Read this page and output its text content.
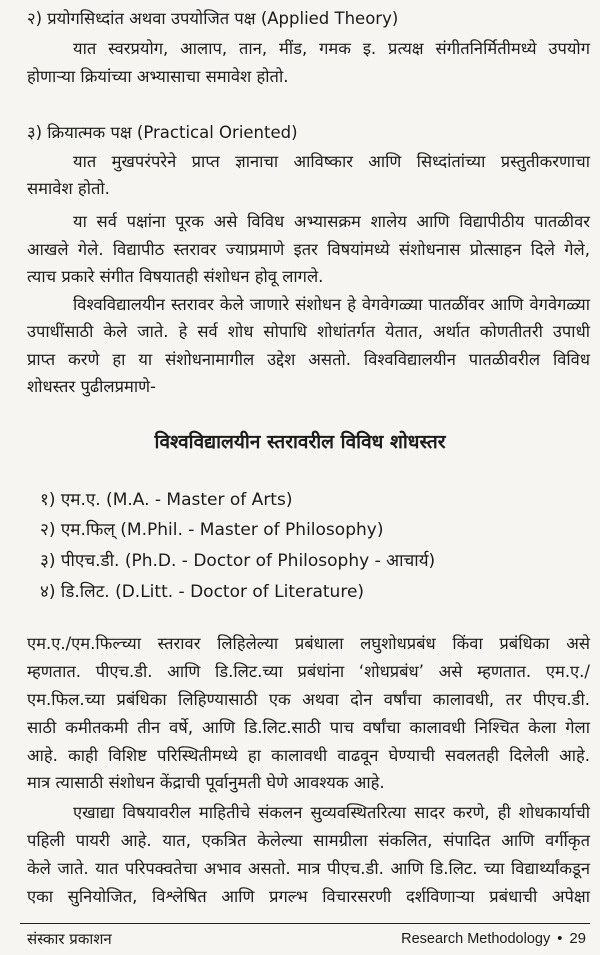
२) प्रयोगसिध्दांत अथवा उपयोजित पक्ष (Applied Theory)
यात स्वरप्रयोग, आलाप, तान, मींड, गमक इ. प्रत्यक्ष संगीतनिर्मितीमध्ये उपयोग
होणाऱ्या क्रियांच्या अभ्यासाचा समावेश होतो.
३) क्रियात्मक पक्ष (Practical Oriented)
यात मुखपरंपरेने प्राप्त ज्ञानाचा आविष्कार आणि सिध्दांतांच्या प्रस्तुतीकरणाचा
समावेश होतो.
या सर्व पक्षांना पूरक असे विविध अभ्यासक्रम शालेय आणि विद्यापीठीय पातळीवर
आखले गेले. विद्यापीठ स्तरावर ज्याप्रमाणे इतर विषयांमध्ये संशोधनास प्रोत्साहन दिले गेले,
त्याच प्रकारे संगीत विषयातही संशोधन होवू लागले.
विश्वविद्यालयीन स्तरावर केले जाणारे संशोधन हे वेगवेगळ्या पातळींवर आणि वेगवेगळ्या
उपाधींसाठी केले जाते. हे सर्व शोध सोपाधि शोधांतर्गत येतात, अर्थात कोणतीतरी उपाधी
प्राप्त करणे हा या संशोधनामागील उद्देश असतो. विश्वविद्यालयीन पातळीवरील विविध
शोधस्तर पुढीलप्रमाणे-
विश्वविद्यालयीन स्तरावरील विविध शोधस्तर
१) एम.ए. (M.A. - Master of Arts)
२) एम.फिल् (M.Phil. - Master of Philosophy)
३) पीएच.डी. (Ph.D. - Doctor of Philosophy - आचार्य)
४) डि.लिट. (D.Litt. - Doctor of Literature)
एम.ए./एम.फिल्च्या स्तरावर लिहिलेल्या प्रबंधाला लघुशोधप्रबंध किंवा प्रबंधिका असे
म्हणतात. पीएच.डी. आणि डि.लिट.च्या प्रबंधांना ‘शोधप्रबंध’ असे म्हणतात. एम.ए./
एम.फिल.च्या प्रबंधिका लिहिण्यासाठी एक अथवा दोन वर्षांचा कालावधी, तर पीएच.डी.
साठी कमीतकमी तीन वर्षे, आणि डि.लिट.साठी पाच वर्षांचा कालावधी निश्चित केला गेला
आहे. काही विशिष्ट परिस्थितीमध्ये हा कालावधी वाढवून घेण्याची सवलतही दिलेली आहे.
मात्र त्यासाठी संशोधन केंद्राची पूर्वानुमती घेणे आवश्यक आहे.
एखाद्या विषयावरील माहितीचे संकलन सुव्यवस्थितरित्या सादर करणे, ही शोधकार्याची
पहिली पायरी आहे. यात, एकत्रित केलेल्या सामग्रीला संकलित, संपादित आणि वर्गीकृत
केले जाते. यात परिपक्वतेचा अभाव असतो. मात्र पीएच.डी. आणि डि.लिट. च्या विद्यार्थ्यांकडून
एका सुनियोजित, विश्लेषित आणि प्रगल्भ विचारसरणी दर्शविणाऱ्या प्रबंधाची अपेक्षा
संस्कार प्रकाशन	Research Methodology • 29
